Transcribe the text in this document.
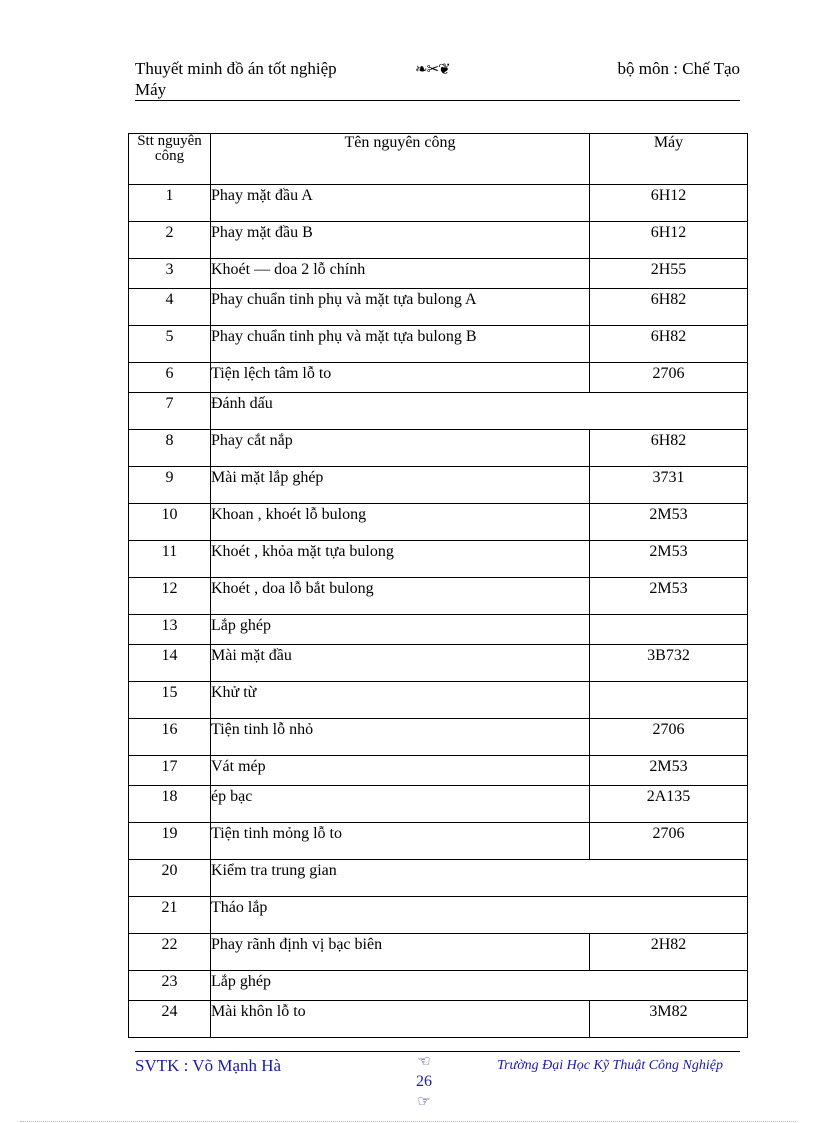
Thuyết minh đồ án tốt nghiệp
Máy
❧✂❦	bộ môn : Chế Tạo
Stt nguyên công	Tên nguyên công	Máy
1	Phay mặt đầu A	6H12
2	Phay mặt đầu B	6H12
3	Khoét — doa 2 lỗ chính	2H55
4	Phay chuẩn tinh phụ và mặt tựa bulong A	6H82
5	Phay chuẩn tinh phụ và mặt tựa bulong B	6H82
6	Tiện lệch tâm lỗ to	2706
7	Đánh dấu	
8	Phay cắt nắp	6H82
9	Mài mặt lắp ghép	3731
10	Khoan , khoét lỗ bulong	2M53
11	Khoét , khỏa mặt tựa bulong	2M53
12	Khoét , doa lỗ bắt bulong	2M53
13	Lắp ghép	
14	Mài mặt đầu	3B732
15	Khử từ	
16	Tiện tinh lỗ nhỏ	2706
17	Vát mép	2M53
18	ép bạc	2A135
19	Tiện tinh mỏng lỗ to	2706
20	Kiểm tra trung gian	
21	Tháo lắp	
22	Phay rãnh định vị bạc biên	2H82
23	Lắp ghép	
24	Mài khôn lỗ to	3M82
SVTK : Võ Mạnh Hà	☜
26
☞
Trường Đại Học Kỹ Thuật Công Nghiệp
